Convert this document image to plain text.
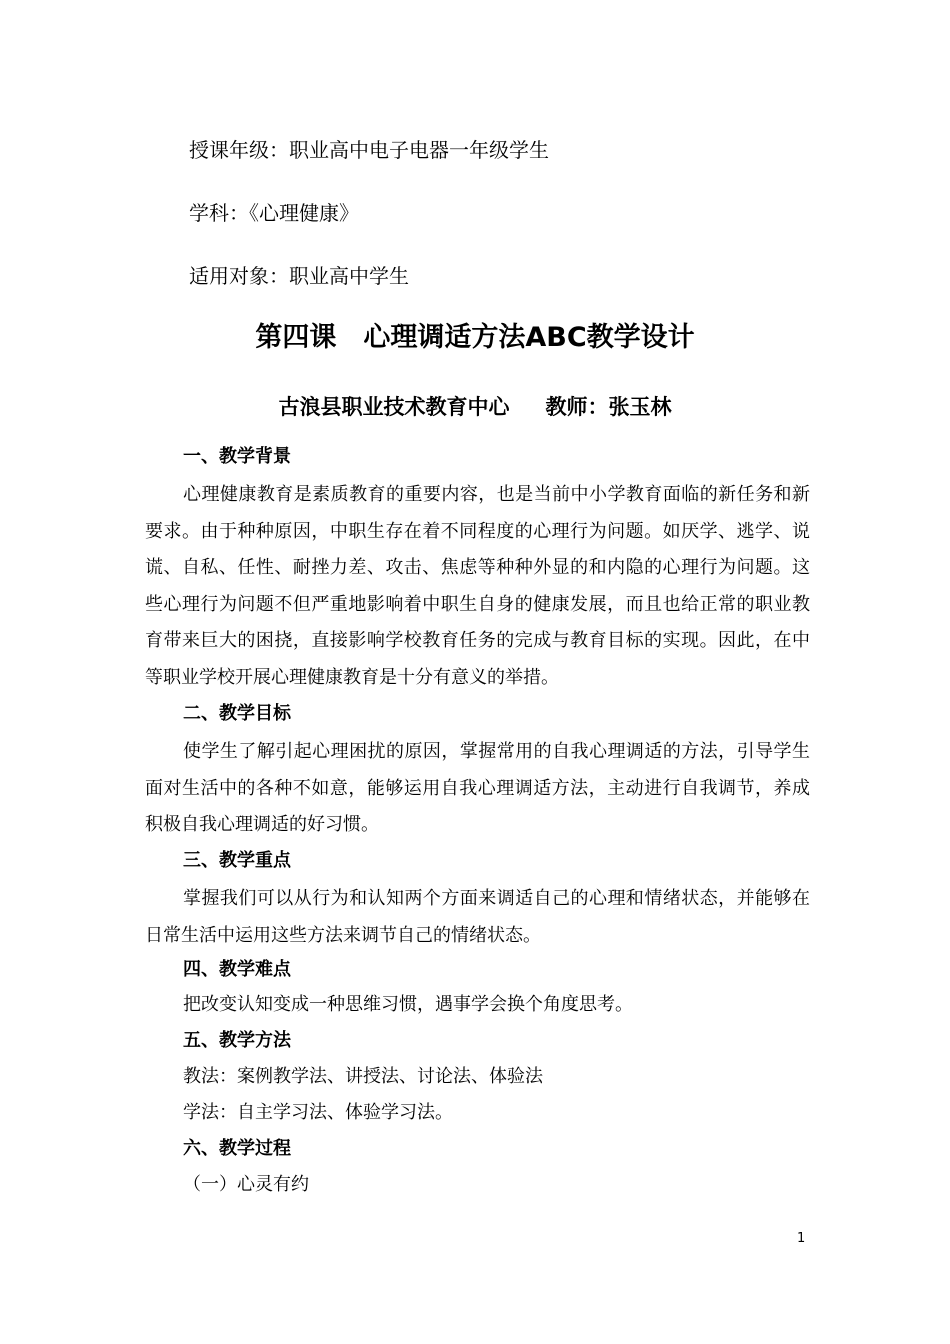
授课年级：职业高中电子电器一年级学生
学科：《心理健康》
适用对象：职业高中学生
第四课　心理调适方法ABC教学设计
古浪县职业技术教育中心 教师：张玉林
一、教学背景

心理健康教育是素质教育的重要内容，也是当前中小学教育面临的新任务和新要求。由于种种原因，中职生存在着不同程度的心理行为问题。如厌学、逃学、说谎、自私、任性、耐挫力差、攻击、焦虑等种种外显的和内隐的心理行为问题。这些心理行为问题不但严重地影响着中职生自身的健康发展，而且也给正常的职业教育带来巨大的困挠，直接影响学校教育任务的完成与教育目标的实现。因此，在中等职业学校开展心理健康教育是十分有意义的举措。

二、教学目标

使学生了解引起心理困扰的原因，掌握常用的自我心理调适的方法，引导学生面对生活中的各种不如意，能够运用自我心理调适方法，主动进行自我调节，养成积极自我心理调适的好习惯。

三、教学重点

掌握我们可以从行为和认知两个方面来调适自己的心理和情绪状态，并能够在日常生活中运用这些方法来调节自己的情绪状态。

四、教学难点
把改变认知变成一种思维习惯，遇事学会换个角度思考。
五、教学方法
教法：案例教学法、讲授法、讨论法、体验法
学法：自主学习法、体验学习法。
六、教学过程
（一）心灵有约
1
